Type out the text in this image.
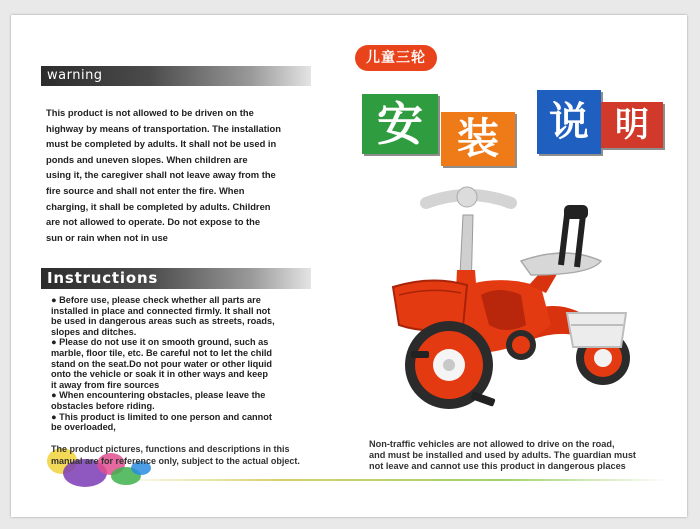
warning
This product is not allowed to be driven on the
highway by means of transportation. The installation
must be completed by adults. It shall not be used in
ponds and uneven slopes. When children are
using it, the caregiver shall not leave away from the
fire source and shall not enter the fire. When
charging, it shall be completed by adults. Children
are not allowed to operate. Do not expose to the
sun or rain when not in use
Instructions
● Before use, please check whether all parts are
installed in place and connected firmly. It shall not
be used in dangerous areas such as streets, roads,
slopes and ditches.
● Please do not use it on smooth ground, such as
marble, floor tile, etc. Be careful not to let the child
stand on the seat.Do not pour water or other liquid
onto the vehicle or soak it in other ways and keep
it away from fire sources
● When encountering obstacles, please leave the
obstacles before riding.
● This product is limited to one person and cannot
be overloaded,
The product pictures, functions and descriptions in this
manual are for reference only, subject to the actual object.
儿童三轮
安 装	说 明
Non-traffic vehicles are not allowed to drive on the road,
and must be installed and used by adults. The guardian must
not leave and cannot use this product in dangerous places
